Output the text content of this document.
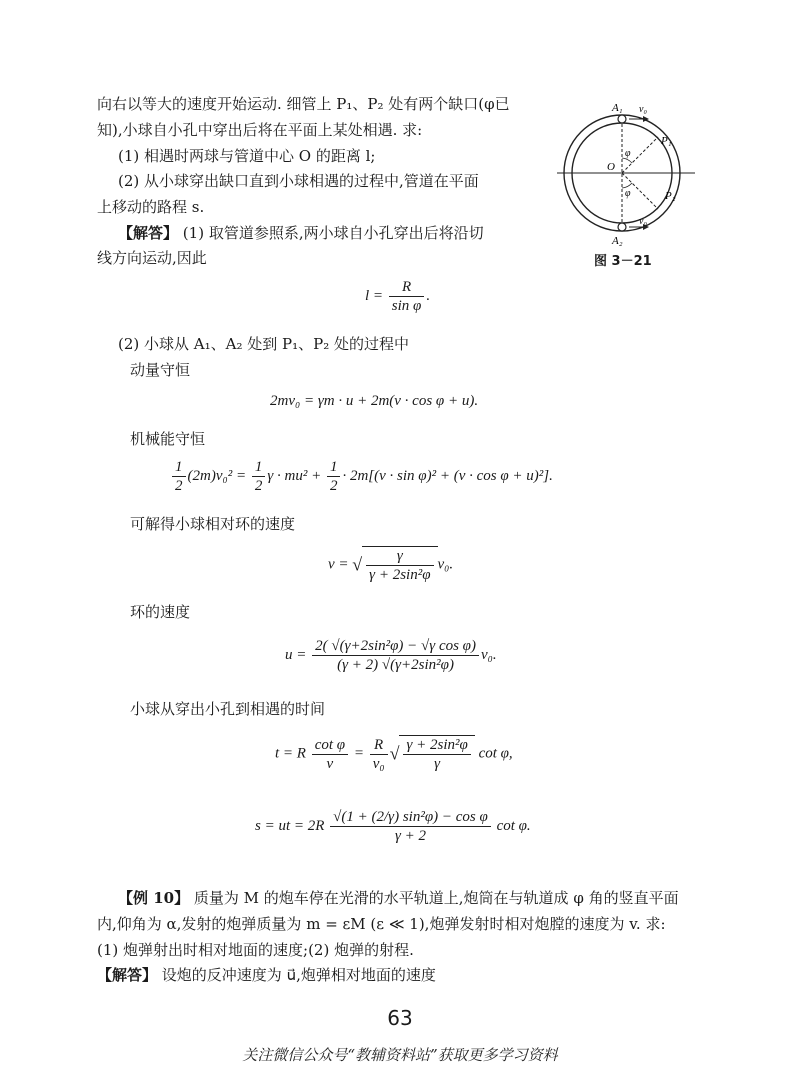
向右以等大的速度开始运动. 细管上 P₁、P₂ 处有两个缺口(φ已
知),小球自小孔中穿出后将在平面上某处相遇. 求:
(1) 相遇时两球与管道中心 O 的距离 l;
(2) 从小球穿出缺口直到小球相遇的过程中,管道在平面
上移动的路程 s.
【解答】 (1) 取管道参照系,两小球自小孔穿出后将沿切
线方向运动,因此
$l = \frac{R}{\text{sin φ}}$ .
(2) 小球从 A₁、A₂ 处到 P₁、P₂ 处的过程中
动量守恒
2mv₀ = γm · u + 2m(v · cos φ + u).
机械能守恒
$\frac{1}{2} (2m)v_0^2 = \frac{1}{2}$ $\gamma \cdot mu^2 + \frac{1}{2} \cdot 2m[(v \cdot \sin \varphi)^2 + (v \cdot \cos \varphi + u)^2]$.
可解得小球相对环的速度
v = √ $\frac{\gamma}{\text{γ + 2sin²φ}} v_0$.
环的速度
$u = \frac{\text{2( √(γ+2sin²φ) − √γ cos φ)}}{\text{(γ + 2) √(γ+2sin²φ)}} v_0$.
小球从穿出小孔到相遇的时间
t = R $\frac{\text{cot φ}}{v} = \frac{R}{\text{v₀}}$ √ $\frac{\text{γ + 2sin²φ}}{\gamma}$ cot φ,
s = ut = $2R \frac{\text{√(1 + (2/γ) sin²φ) − cos φ}}{\gamma + 2}$ cot φ.
【例 10】 质量为 M 的炮车停在光滑的水平轨道上,炮筒在与轨道成 φ 角的竖直平面
内,仰角为 α,发射的炮弹质量为 m = εM (ε ≪ 1),炮弹发射时相对炮膛的速度为 v. 求:
(1) 炮弹射出时相对地面的速度;(2) 炮弹的射程.
【解答】 设炮的反冲速度为 u⃗,炮弹相对地面的速度
A₁ v₀
P₁
φ
O
φ	P₂
v₀
A₂
图 3－21
63
关注微信公众号“教辅资料站”获取更多学习资料
